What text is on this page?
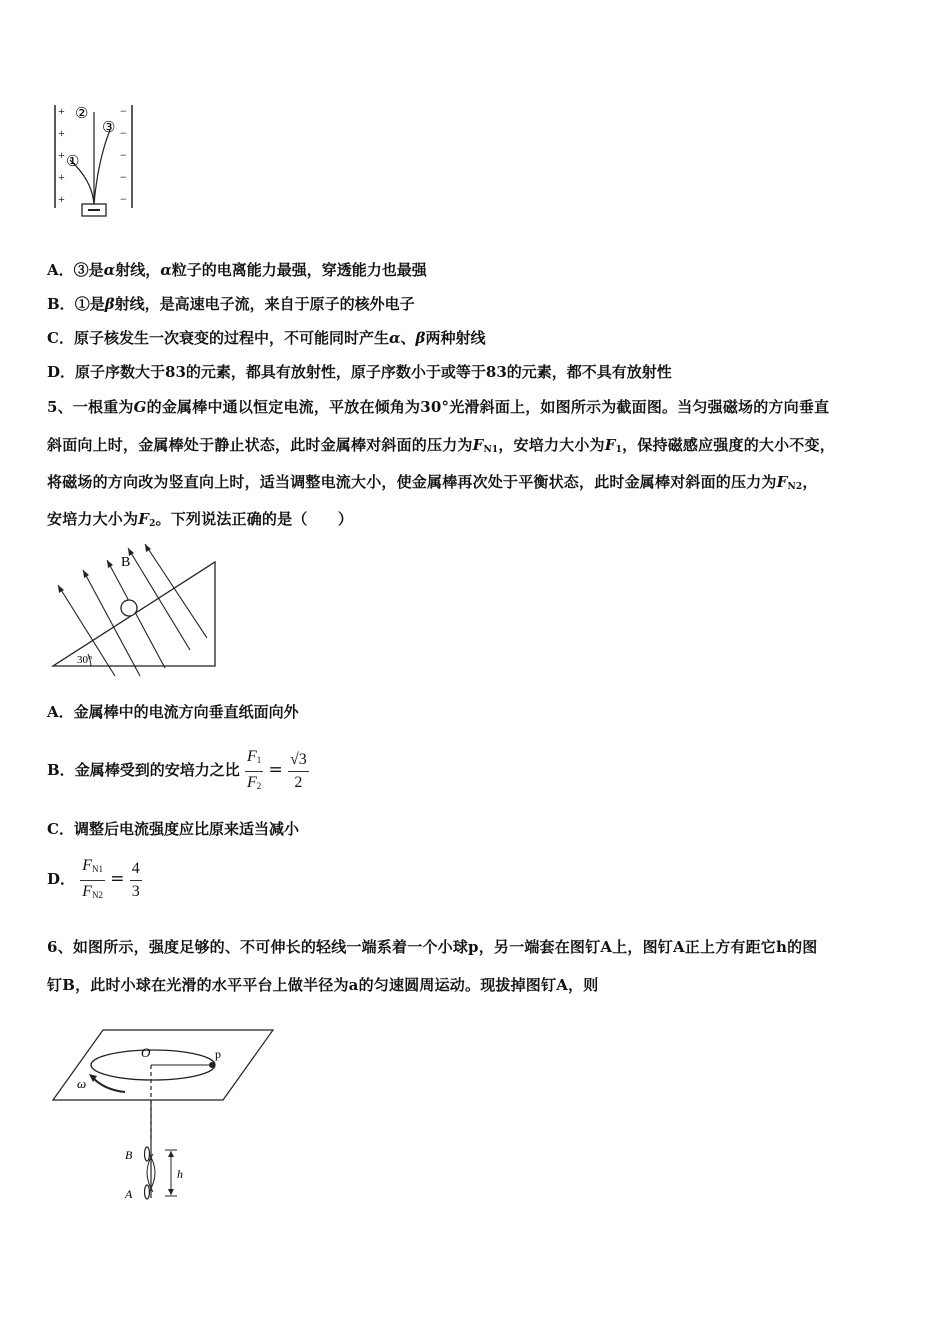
+
+
+
+
+
−
−
−
−
−
①
②
③
A．③是α射线，α粒子的电离能力最强，穿透能力也最强
B．①是β射线，是高速电子流，来自于原子的核外电子
C．原子核发生一次衰变的过程中，不可能同时产生α、β两种射线
D．原子序数大于83的元素，都具有放射性，原子序数小于或等于83的元素，都不具有放射性
5、一根重为G的金属棒中通以恒定电流，平放在倾角为30°光滑斜面上，如图所示为截面图。当匀强磁场的方向垂直
斜面向上时，金属棒处于静止状态，此时金属棒对斜面的压力为$F_{N1}$，安培力大小为$F_1$，保持磁感应强度的大小不变，
将磁场的方向改为竖直向上时，适当调整电流大小，使金属棒再次处于平衡状态，此时金属棒对斜面的压力为$F_{N2}$，
安培力大小为$F_2$。下列说法正确的是（　　）
30°
B
A．金属棒中的电流方向垂直纸面向外
B．金属棒受到的安培力之比 $\frac{F_1}{F_2} = \frac{√3}{2}$
C．调整后电流强度应比原来适当减小
D． $\frac{F_{N1}}{F_{N2}} = \frac{4}{3}$
6、如图所示，强度足够的、不可伸长的轻线一端系着一个小球p，另一端套在图钉A上，图钉A正上方有距它h的图
钉B，此时小球在光滑的水平平台上做半径为a的匀速圆周运动。现拔掉图钉A，则
O	p
ω
B
A
h
